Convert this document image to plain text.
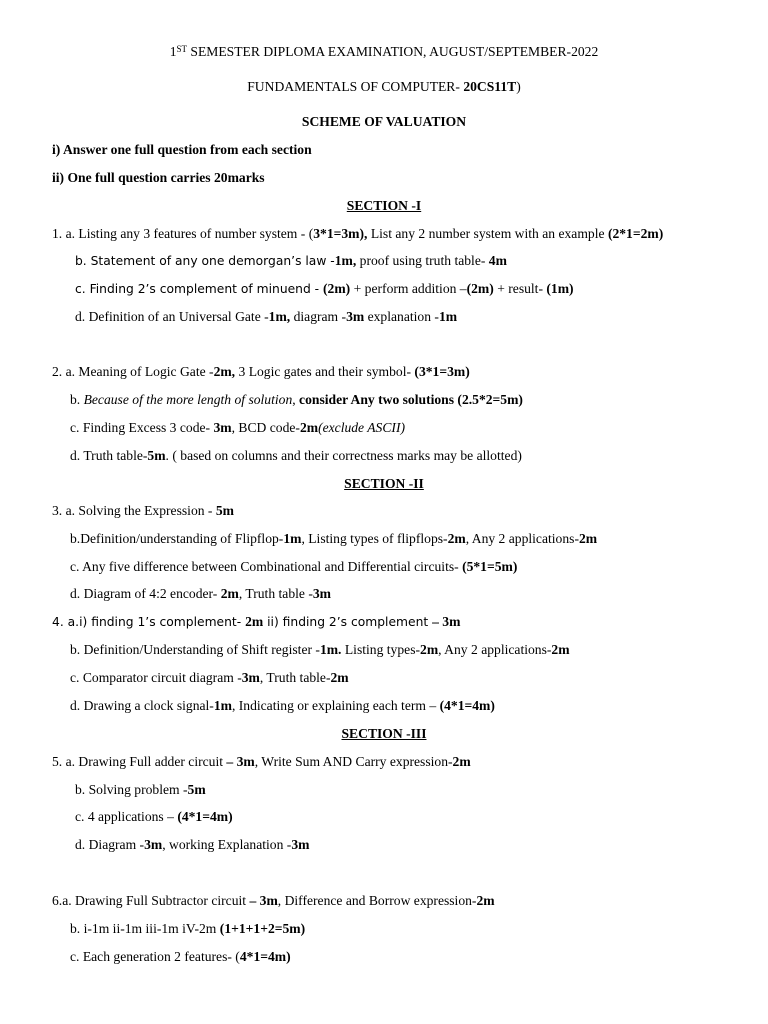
1ST SEMESTER DIPLOMA EXAMINATION, AUGUST/SEPTEMBER-2022
FUNDAMENTALS OF COMPUTER- 20CS11T)
SCHEME OF VALUATION
i) Answer one full question from each section
ii) One full question carries 20marks
SECTION -I
1. a. Listing any 3 features of number system - (3*1=3m), List any 2 number system with an example (2*1=2m)
b. Statement of any one demorgan’s law -1m, proof using truth table- 4m
c. Finding 2’s complement of minuend - (2m) + perform addition –(2m) + result- (1m)
d. Definition of an Universal Gate -1m, diagram -3m explanation -1m
2. a. Meaning of Logic Gate -2m, 3 Logic gates and their symbol- (3*1=3m)
b. Because of the more length of solution, consider Any two solutions (2.5*2=5m)
c. Finding Excess 3 code- 3m, BCD code-2m(exclude ASCII)
d. Truth table-5m. ( based on columns and their correctness marks may be allotted)
SECTION -II
3. a. Solving the Expression - 5m
b.Definition/understanding of Flipflop-1m, Listing types of flipflops-2m, Any 2 applications-2m
c. Any five difference between Combinational and Differential circuits- (5*1=5m)
d. Diagram of 4:2 encoder- 2m, Truth table -3m
4. a.i) finding 1’s complement- 2m ii) finding 2’s complement – 3m
b. Definition/Understanding of Shift register -1m. Listing types-2m, Any 2 applications-2m
c. Comparator circuit diagram -3m, Truth table-2m
d. Drawing a clock signal-1m, Indicating or explaining each term – (4*1=4m)
SECTION -III
5. a. Drawing Full adder circuit – 3m, Write Sum AND Carry expression-2m
b. Solving problem -5m
c. 4 applications – (4*1=4m)
d. Diagram -3m, working Explanation -3m
6.a. Drawing Full Subtractor circuit – 3m, Difference and Borrow expression-2m
b. i-1m ii-1m iii-1m iV-2m (1+1+1+2=5m)
c. Each generation 2 features- (4*1=4m)
